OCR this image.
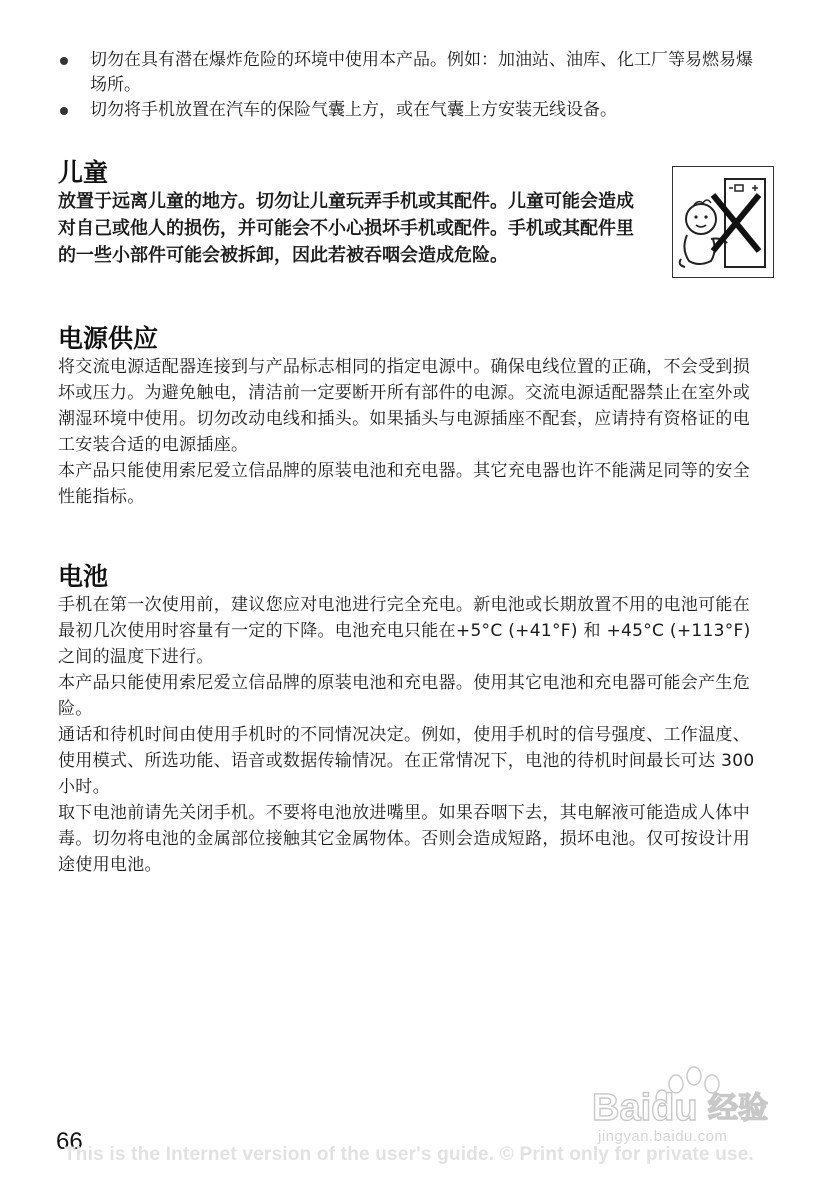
切勿在具有潜在爆炸危险的环境中使用本产品。例如：加油站、油库、化工厂等易燃易爆场所。
切勿将手机放置在汽车的保险气囊上方，或在气囊上方安装无线设备。
儿童

放置于远离儿童的地方。切勿让儿童玩弄手机或其配件。儿童可能会造成对自己或他人的损伤，并可能会不小心损坏手机或配件。手机或其配件里的一些小部件可能会被拆卸，因此若被吞咽会造成危险。

电源供应

将交流电源适配器连接到与产品标志相同的指定电源中。确保电线位置的正确，不会受到损坏或压力。为避免触电，清洁前一定要断开所有部件的电源。交流电源适配器禁止在室外或潮湿环境中使用。切勿改动电线和插头。如果插头与电源插座不配套，应请持有资格证的电工安装合适的电源插座。

本产品只能使用索尼爱立信品牌的原装电池和充电器。其它充电器也许不能满足同等的安全性能指标。

电池

手机在第一次使用前，建议您应对电池进行完全充电。新电池或长期放置不用的电池可能在最初几次使用时容量有一定的下降。电池充电只能在+5°C (+41°F) 和 +45°C (+113°F) 之间的温度下进行。

本产品只能使用索尼爱立信品牌的原装电池和充电器。使用其它电池和充电器可能会产生危险。

通话和待机时间由使用手机时的不同情况决定。例如，使用手机时的信号强度、工作温度、使用模式、所选功能、语音或数据传输情况。在正常情况下，电池的待机时间最长可达 300 小时。

取下电池前请先关闭手机。不要将电池放进嘴里。如果吞咽下去，其电解液可能造成人体中毒。切勿将电池的金属部位接触其它金属物体。否则会造成短路，损坏电池。仅可按设计用途使用电池。

Baidu 经验
jingyan.baidu.com
66
This is the Internet version of the user's guide. © Print only for private use.
